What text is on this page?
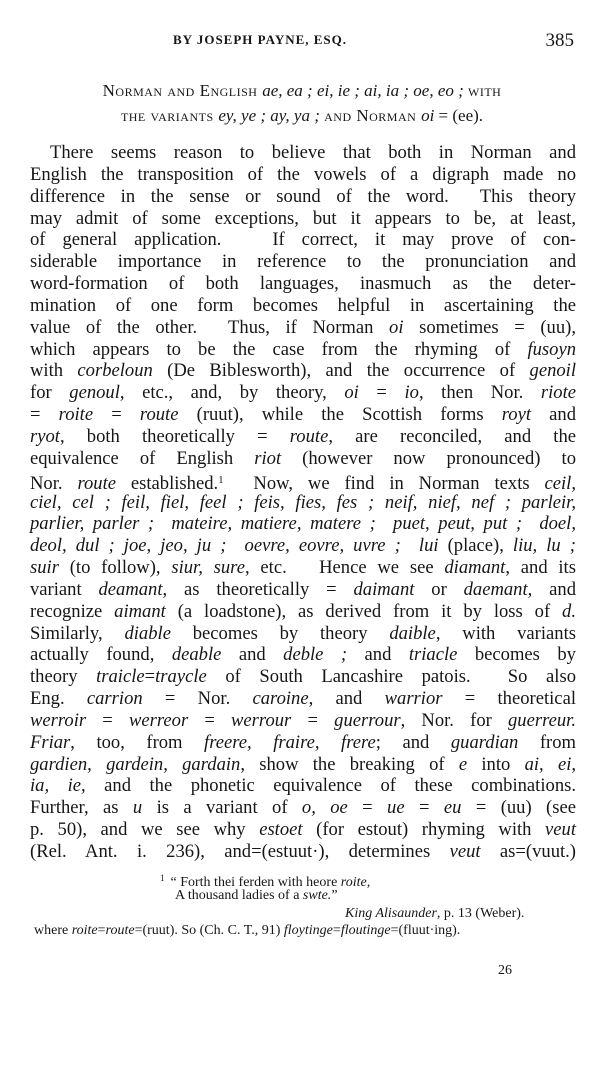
BY JOSEPH PAYNE, ESQ.	385
Norman and English ae, ea ; ei, ie ; ai, ia ; oe, eo ; with
the variants ey, ye ; ay, ya ; and Norman oi = (ee).
There seems reason to believe that both in Norman and
English the transposition of the vowels of a digraph made no
difference in the sense or sound of the word.  This theory
may admit of some exceptions, but it appears to be, at least,
of general application.   If correct, it may prove of con-
siderable importance in reference to the pronunciation and
word-formation of both languages, inasmuch as the deter-
mination of one form becomes helpful in ascertaining the
value of the other.  Thus, if Norman oi sometimes = (uu),
which appears to be the case from the rhyming of fusoyn
with corbeloun (De Biblesworth), and the occurrence of genoil
for genoul, etc., and, by theory, oi = io, then Nor. riote
= roite = route (ruut), while the Scottish forms royt and
ryot, both theoretically = route, are reconciled, and the
equivalence of English riot (however now pronounced) to
Nor. route established.$^1$  Now, we find in Norman texts ceil,
ciel, cel ; feil, fiel, feel ; feis, fies, fes ; neif, nief, nef ; parleir,
parlier, parler ;  mateire, matiere, matere ;  puet, peut, put ;  doel,
deol, dul ; joe, jeo, ju ;  oevre, eovre, uvre ;  lui (place), liu, lu ;
suir (to follow), siur, sure, etc.   Hence we see diamant, and its
variant deamant, as theoretically = daimant or daemant, and
recognize aimant (a loadstone), as derived from it by loss of d.
Similarly, diable becomes by theory daible, with variants
actually found, deable and deble ; and triacle becomes by
theory traicle=traycle of South Lancashire patois.  So also
Eng. carrion = Nor. caroine, and warrior = theoretical
werroir = werreor = werrour = guerrour, Nor. for guerreur.
Friar, too, from freere, fraire, frere; and guardian from
gardien, gardein, gardain, show the breaking of e into ai, ei,
ia, ie, and the phonetic equivalence of these combinations.
Further, as u is a variant of o, oe = ue = eu = (uu) (see
p. 50), and we see why estoet (for estout) rhyming with veut
(Rel. Ant. i. 236), and=(estuut·), determines veut as=(vuut.)
$^1$ “ Forth thei ferden with heore roite,
A thousand ladies of a swte.”
King Alisaunder, p. 13 (Weber).
where roite=route=(ruut). So (Ch. C. T., 91) floytinge=floutinge=(fluut·ing).
26
